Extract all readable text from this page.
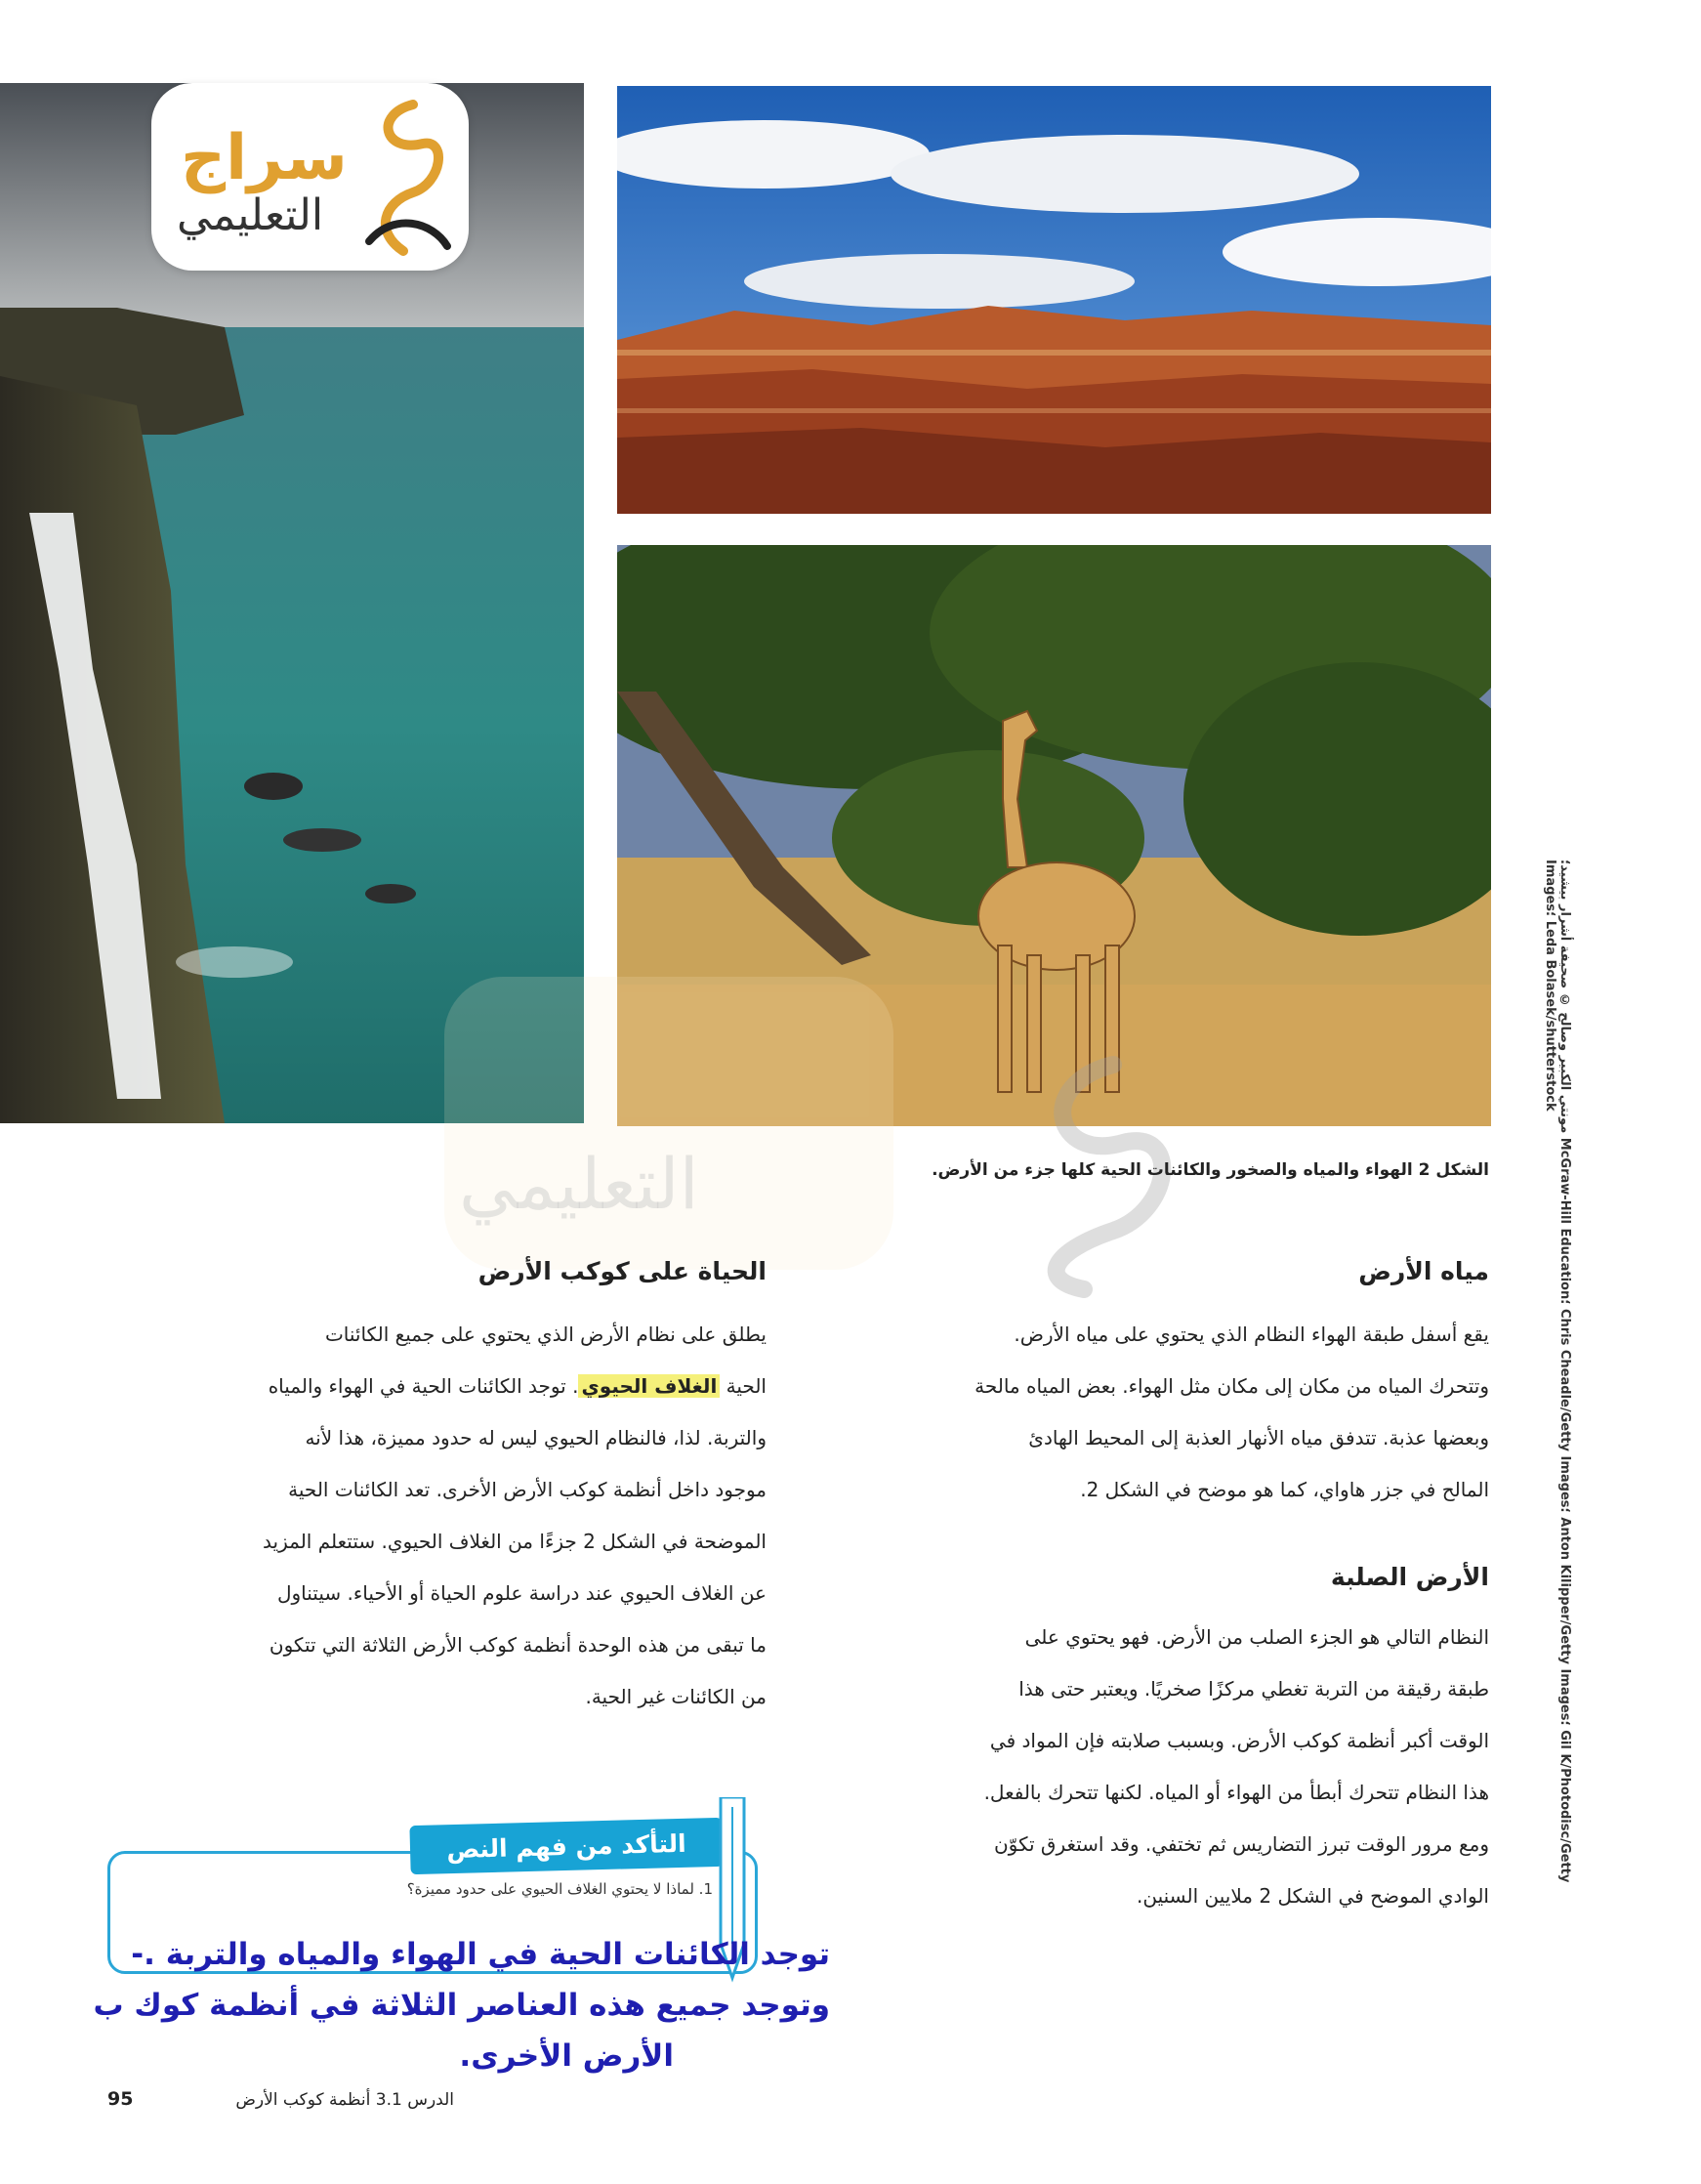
سراج
التعليمي
التعليمي
مونتي الكبير وصالح © صحيفة أشرار بيشيد؛ McGraw-Hill Education؛ Chris Cheadle/Getty Images؛ Anton Kilipper/Getty Images؛ Gil K/Photodisc/Getty Images؛ Leda Bolasek/shutterstock
الشكل 2 الهواء والمياه والصخور والكائنات الحية كلها جزء من الأرض.
مياه الأرض
يقع أسفل طبقة الهواء النظام الذي يحتوي على مياه الأرض.
وتتحرك المياه من مكان إلى مكان مثل الهواء. بعض المياه مالحة
وبعضها عذبة. تتدفق مياه الأنهار العذبة إلى المحيط الهادئ
المالح في جزر هاواي، كما هو موضح في الشكل 2.
الأرض الصلبة
النظام التالي هو الجزء الصلب من الأرض. فهو يحتوي على
طبقة رقيقة من التربة تغطي مركزًا صخريًا. ويعتبر حتى هذا
الوقت أكبر أنظمة كوكب الأرض. وبسبب صلابته فإن المواد في
هذا النظام تتحرك أبطأ من الهواء أو المياه. لكنها تتحرك بالفعل.
ومع مرور الوقت تبرز التضاريس ثم تختفي. وقد استغرق تكوّن
الوادي الموضح في الشكل 2 ملايين السنين.
الحياة على كوكب الأرض
يطلق على نظام الأرض الذي يحتوي على جميع الكائنات
الحية الغلاف الحيوي. توجد الكائنات الحية في الهواء والمياه
والتربة. لذا، فالنظام الحيوي ليس له حدود مميزة، هذا لأنه
موجود داخل أنظمة كوكب الأرض الأخرى. تعد الكائنات الحية
الموضحة في الشكل 2 جزءًا من الغلاف الحيوي. ستتعلم المزيد
عن الغلاف الحيوي عند دراسة علوم الحياة أو الأحياء. سيتناول
ما تبقى من هذه الوحدة أنظمة كوكب الأرض الثلاثة التي تتكون
من الكائنات غير الحية.
التأكد من فهم النص
1. لماذا لا يحتوي الغلاف الحيوي على حدود مميزة؟
توجد الكائنات الحية في الهواء والمياه والتربة .-
وتوجد جميع هذه العناصر الثلاثة في أنظمة كوك ب
الأرض الأخرى.
95	الدرس 3.1 أنظمة كوكب الأرض
